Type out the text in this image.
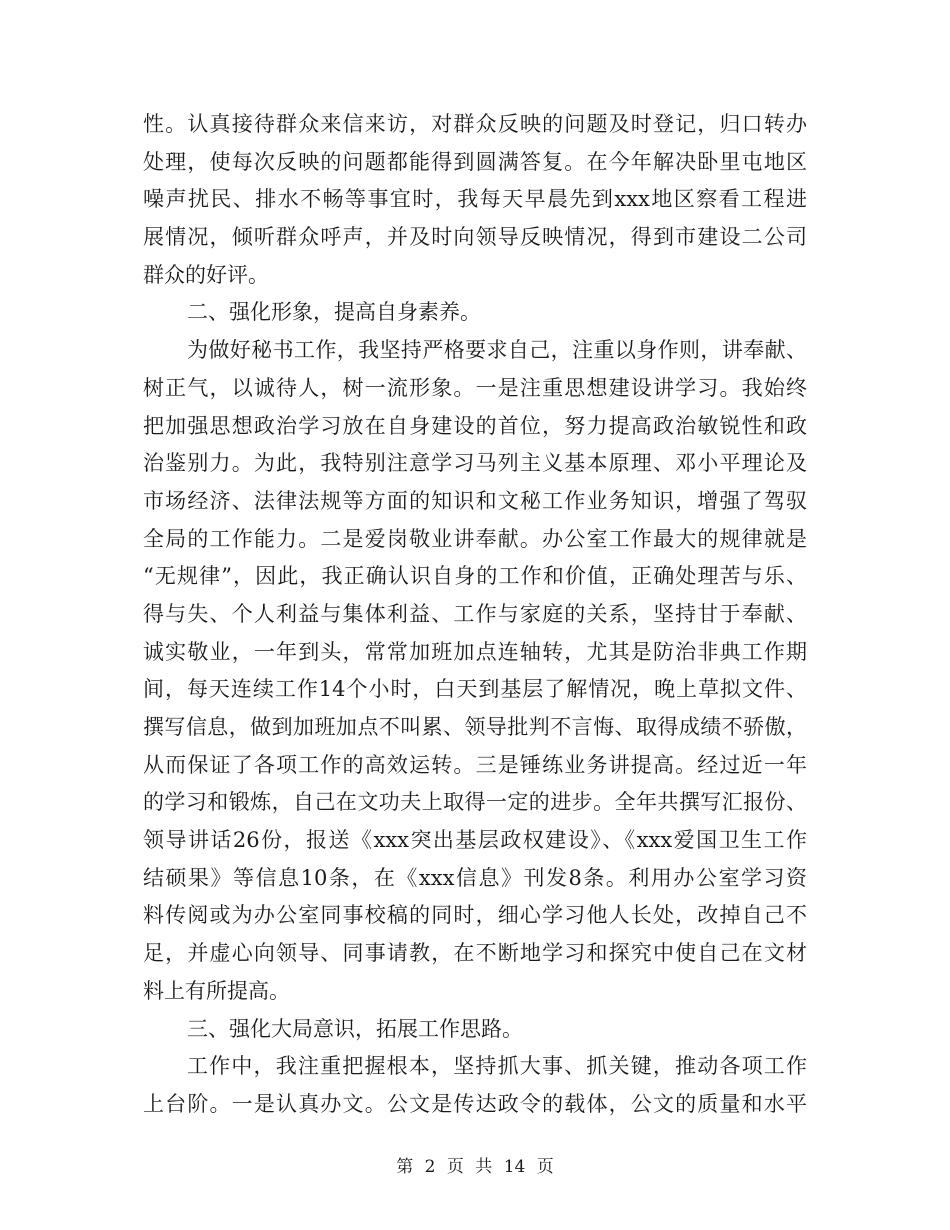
性。认真接待群众来信来访，对群众反映的问题及时登记，归口转办
处理，使每次反映的问题都能得到圆满答复。在今年解决卧里屯地区
噪声扰民、排水不畅等事宜时，我每天早晨先到xxx地区察看工程进
展情况，倾听群众呼声，并及时向领导反映情况，得到市建设二公司
群众的好评。
二、强化形象，提高自身素养。
为做好秘书工作，我坚持严格要求自己，注重以身作则，讲奉献、
树正气，以诚待人，树一流形象。一是注重思想建设讲学习。我始终
把加强思想政治学习放在自身建设的首位，努力提高政治敏锐性和政
治鉴别力。为此，我特别注意学习马列主义基本原理、邓小平理论及
市场经济、法律法规等方面的知识和文秘工作业务知识，增强了驾驭
全局的工作能力。二是爱岗敬业讲奉献。办公室工作最大的规律就是
“无规律”，因此，我正确认识自身的工作和价值，正确处理苦与乐、
得与失、个人利益与集体利益、工作与家庭的关系，坚持甘于奉献、
诚实敬业，一年到头，常常加班加点连轴转，尤其是防治非典工作期
间，每天连续工作14个小时，白天到基层了解情况，晚上草拟文件、
撰写信息，做到加班加点不叫累、领导批判不言悔、取得成绩不骄傲，
从而保证了各项工作的高效运转。三是锤练业务讲提高。经过近一年
的学习和锻炼，自己在文功夫上取得一定的进步。全年共撰写汇报份、
领导讲话26份，报送《xxx突出基层政权建设》、《xxx爱国卫生工作
结硕果》等信息10条，在《xxx信息》刊发8条。利用办公室学习资
料传阅或为办公室同事校稿的同时，细心学习他人长处，改掉自己不
足，并虚心向领导、同事请教，在不断地学习和探究中使自己在文材
料上有所提高。
三、强化大局意识，拓展工作思路。
工作中，我注重把握根本，坚持抓大事、抓关键，推动各项工作
上台阶。一是认真办文。公文是传达政令的载体，公文的质量和水平
第 2 页 共 14 页
